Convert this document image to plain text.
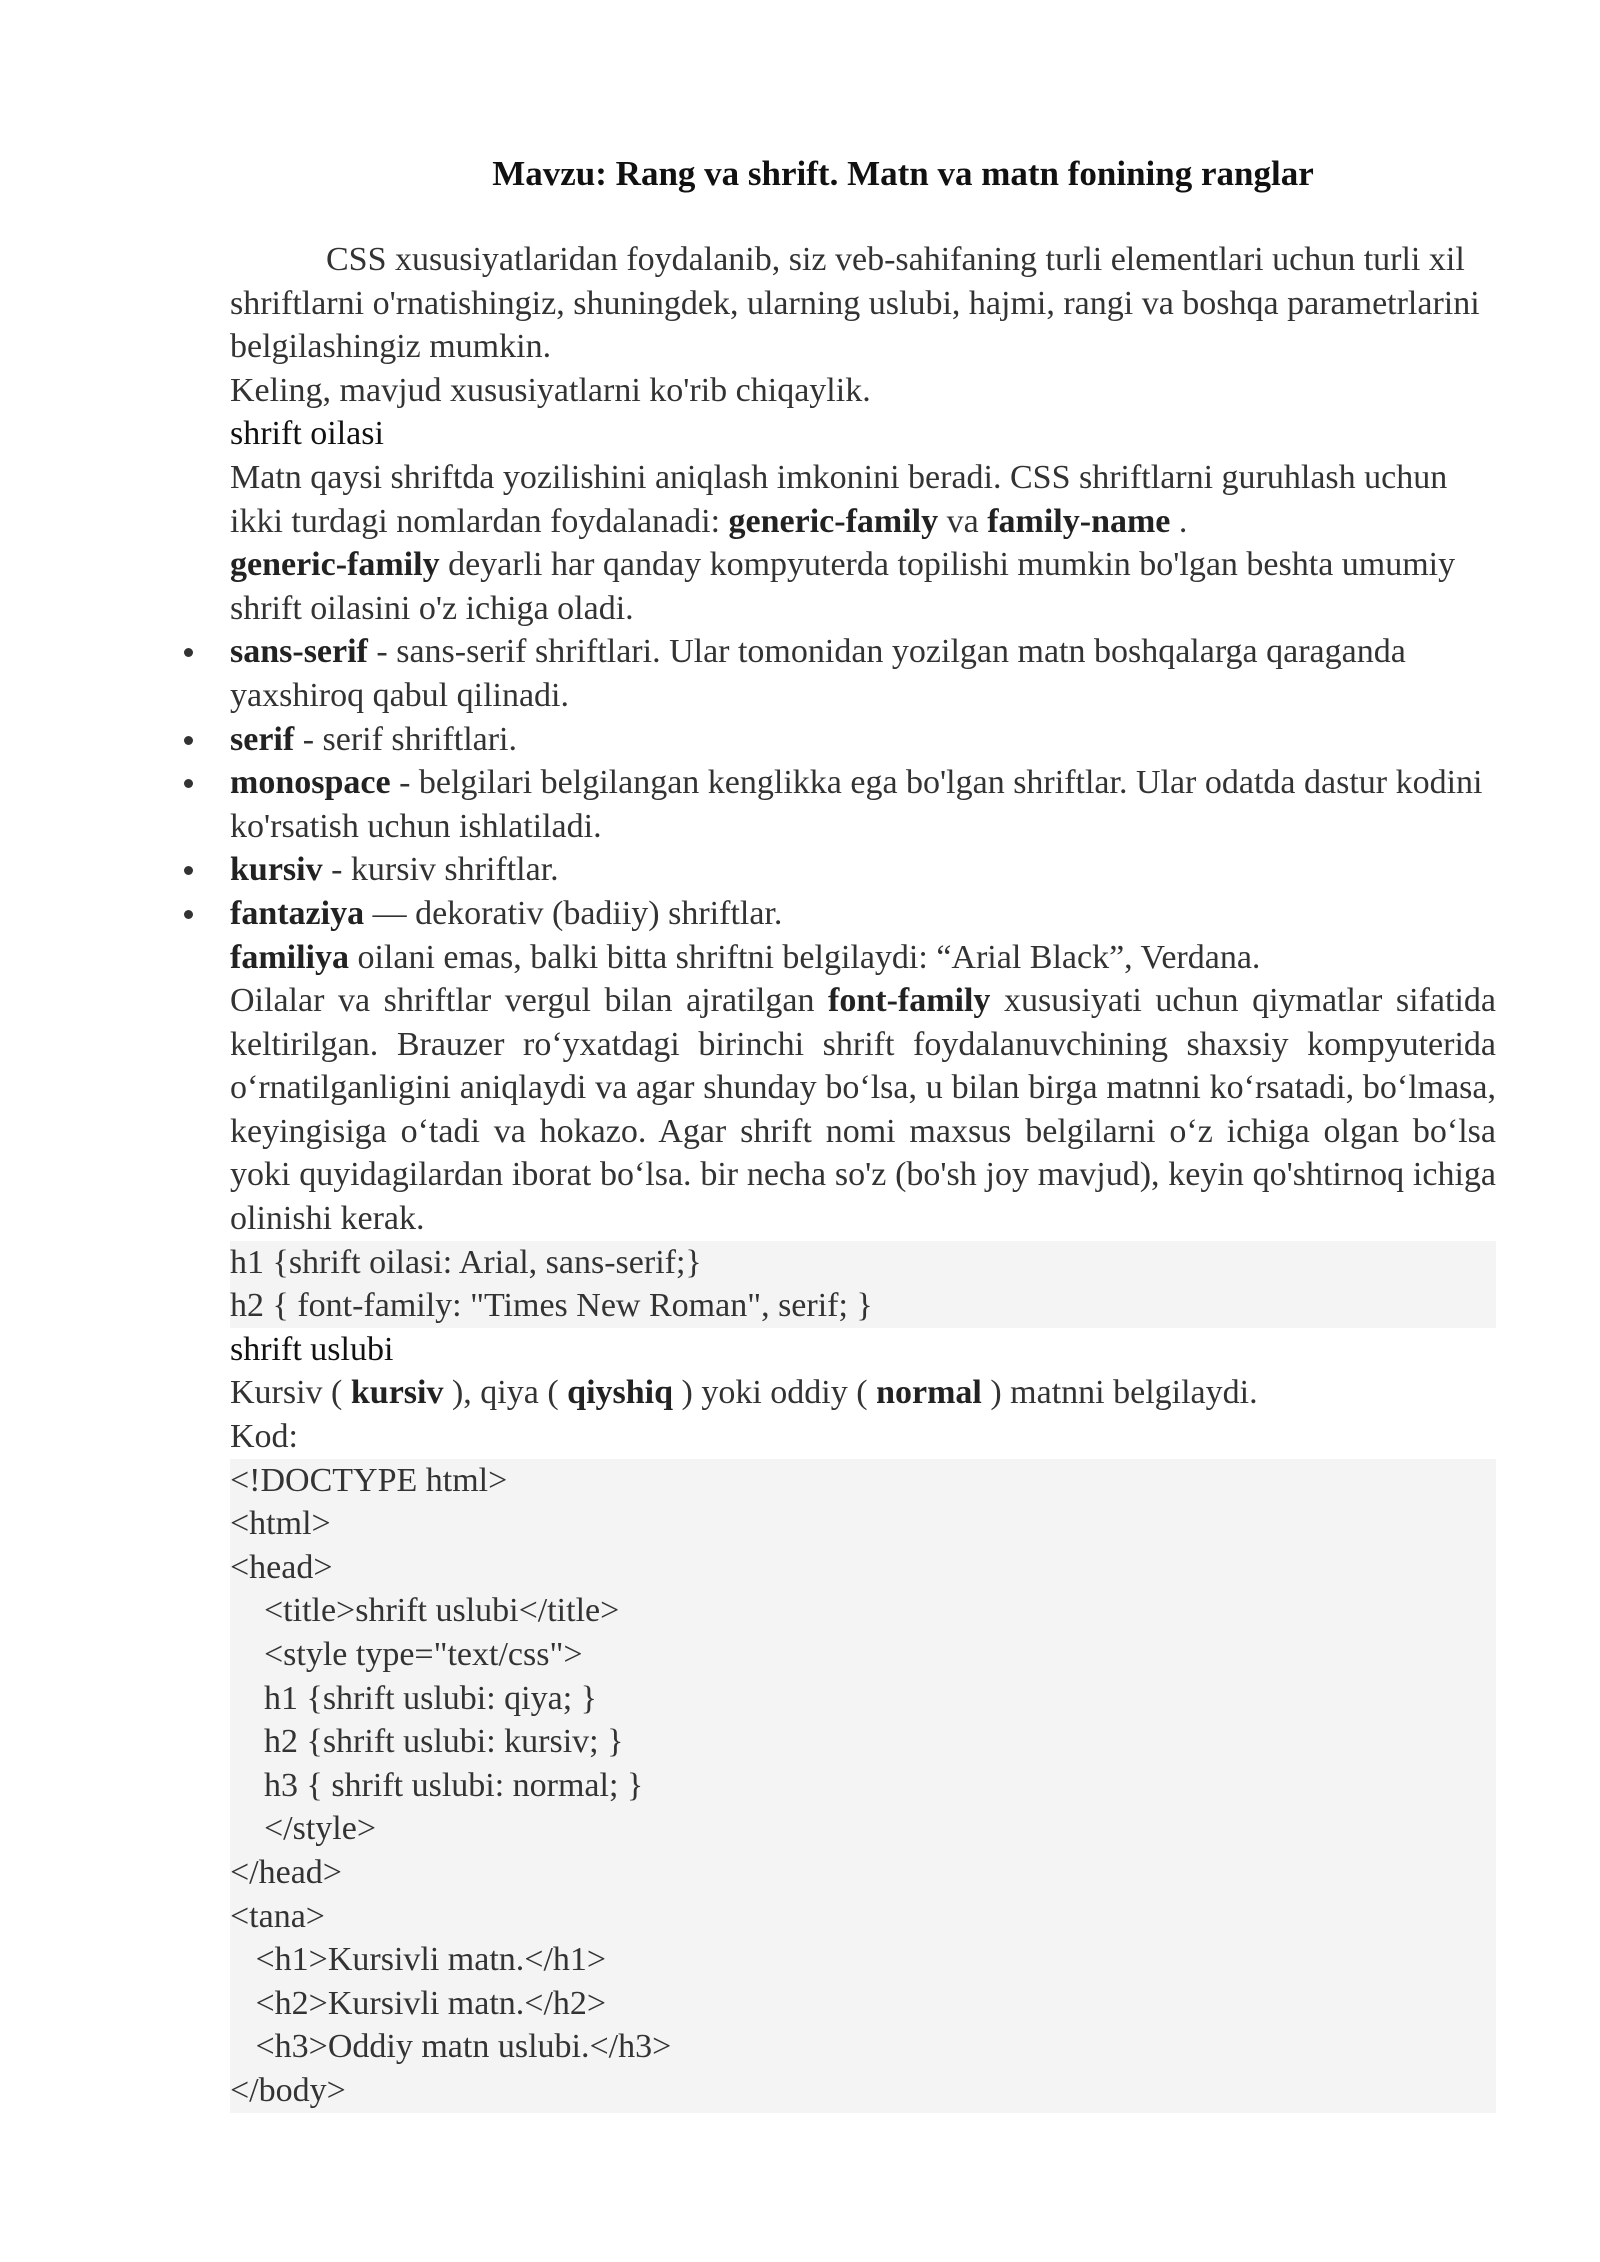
Mavzu: Rang va shrift. Matn va matn fonining ranglar

CSS xususiyatlaridan foydalanib, siz veb-sahifaning turli elementlari uchun turli xil shriftlarni o'rnatishingiz, shuningdek, ularning uslubi, hajmi, rangi va boshqa parametrlarini belgilashingiz mumkin.

Keling, mavjud xususiyatlarni ko'rib chiqaylik.

shrift oilasi

Matn qaysi shriftda yozilishini aniqlash imkonini beradi. CSS shriftlarni guruhlash uchun ikki turdagi nomlardan foydalanadi: generic-family va family-name .

generic-family deyarli har qanday kompyuterda topilishi mumkin bo'lgan beshta umumiy shrift oilasini o'z ichiga oladi.

sans-serif - sans-serif shriftlari. Ular tomonidan yozilgan matn boshqalarga qaraganda yaxshiroq qabul qilinadi.
serif - serif shriftlari.
monospace - belgilari belgilangan kenglikka ega bo'lgan shriftlar. Ular odatda dastur kodini ko'rsatish uchun ishlatiladi.
kursiv - kursiv shriftlar.
fantaziya — dekorativ (badiiy) shriftlar.

familiya oilani emas, balki bitta shriftni belgilaydi: “Arial Black”, Verdana.

Oilalar va shriftlar vergul bilan ajratilgan font-family xususiyati uchun qiymatlar sifatida keltirilgan. Brauzer roʻyxatdagi birinchi shrift foydalanuvchining shaxsiy kompyuterida oʻrnatilganligini aniqlaydi va agar shunday boʻlsa, u bilan birga matnni koʻrsatadi, boʻlmasa, keyingisiga oʻtadi va hokazo. Agar shrift nomi maxsus belgilarni oʻz ichiga olgan boʻlsa yoki quyidagilardan iborat boʻlsa. bir necha so'z (bo'sh joy mavjud), keyin qo'shtirnoq ichiga olinishi kerak.

h1 {shrift oilasi: Arial, sans-serif;}
h2 { font-family: "Times New Roman", serif; }

shrift uslubi

Kursiv ( kursiv ), qiya ( qiyshiq ) yoki oddiy ( normal ) matnni belgilaydi.

Kod:

<!DOCTYPE html>
<html>
<head>
<title>shrift uslubi</title>
<style type="text/css">
h1 {shrift uslubi: qiya; }
h2 {shrift uslubi: kursiv; }
h3 { shrift uslubi: normal; }
</style>
</head>
<tana>
<h1>Kursivli matn.</h1>
<h2>Kursivli matn.</h2>
<h3>Oddiy matn uslubi.</h3>
</body>
